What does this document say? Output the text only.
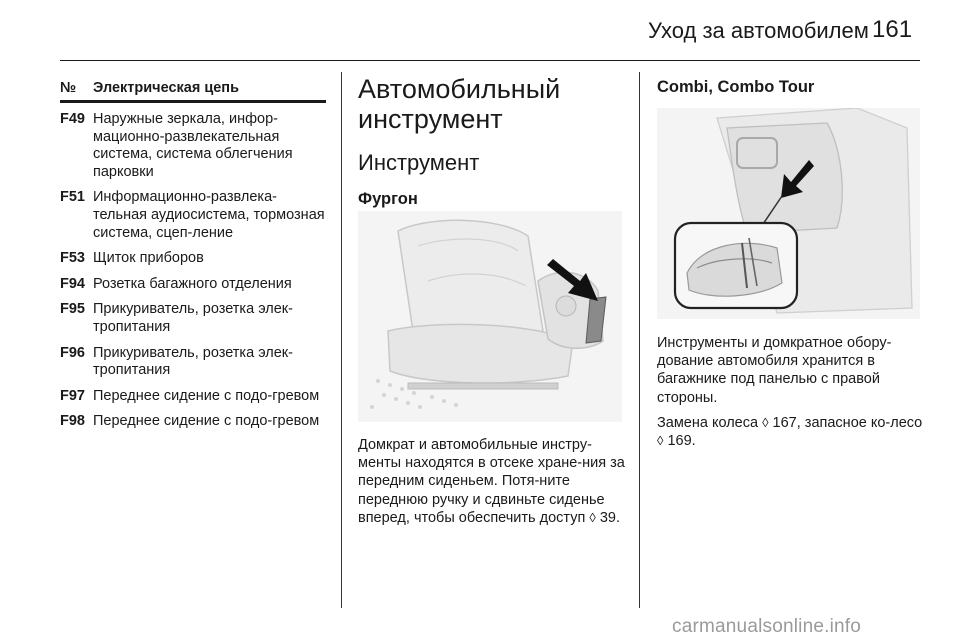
Уход за автомобилем 161
№	Электрическая цепь
F49 Наружные зеркала, инфор-мационно-развлекательная система, система облегчения парковки
F51 Информационно-развлека-тельная аудиосистема, тормозная система, сцеп-ление
F53 Щиток приборов
F94 Розетка багажного отделения
F95 Прикуриватель, розетка элек-тропитания
F96 Прикуриватель, розетка элек-тропитания
F97 Переднее сидение с подо-гревом
F98 Переднее сидение с подо-гревом
Автомобильный инструмент
Инструмент
Фургон
Домкрат и автомобильные инстру-менты находятся в отсеке хране-ния за передним сиденьем. Потя-ните переднюю ручку и сдвиньте сиденье вперед, чтобы обеспечить доступ ◊ 39.
Combi, Combo Tour
Инструменты и домкратное обору-дование автомобиля хранится в багажнике под панелью с правой стороны.
Замена колеса ◊ 167, запасное ко-лесо ◊ 169.
carmanualsonline.info
